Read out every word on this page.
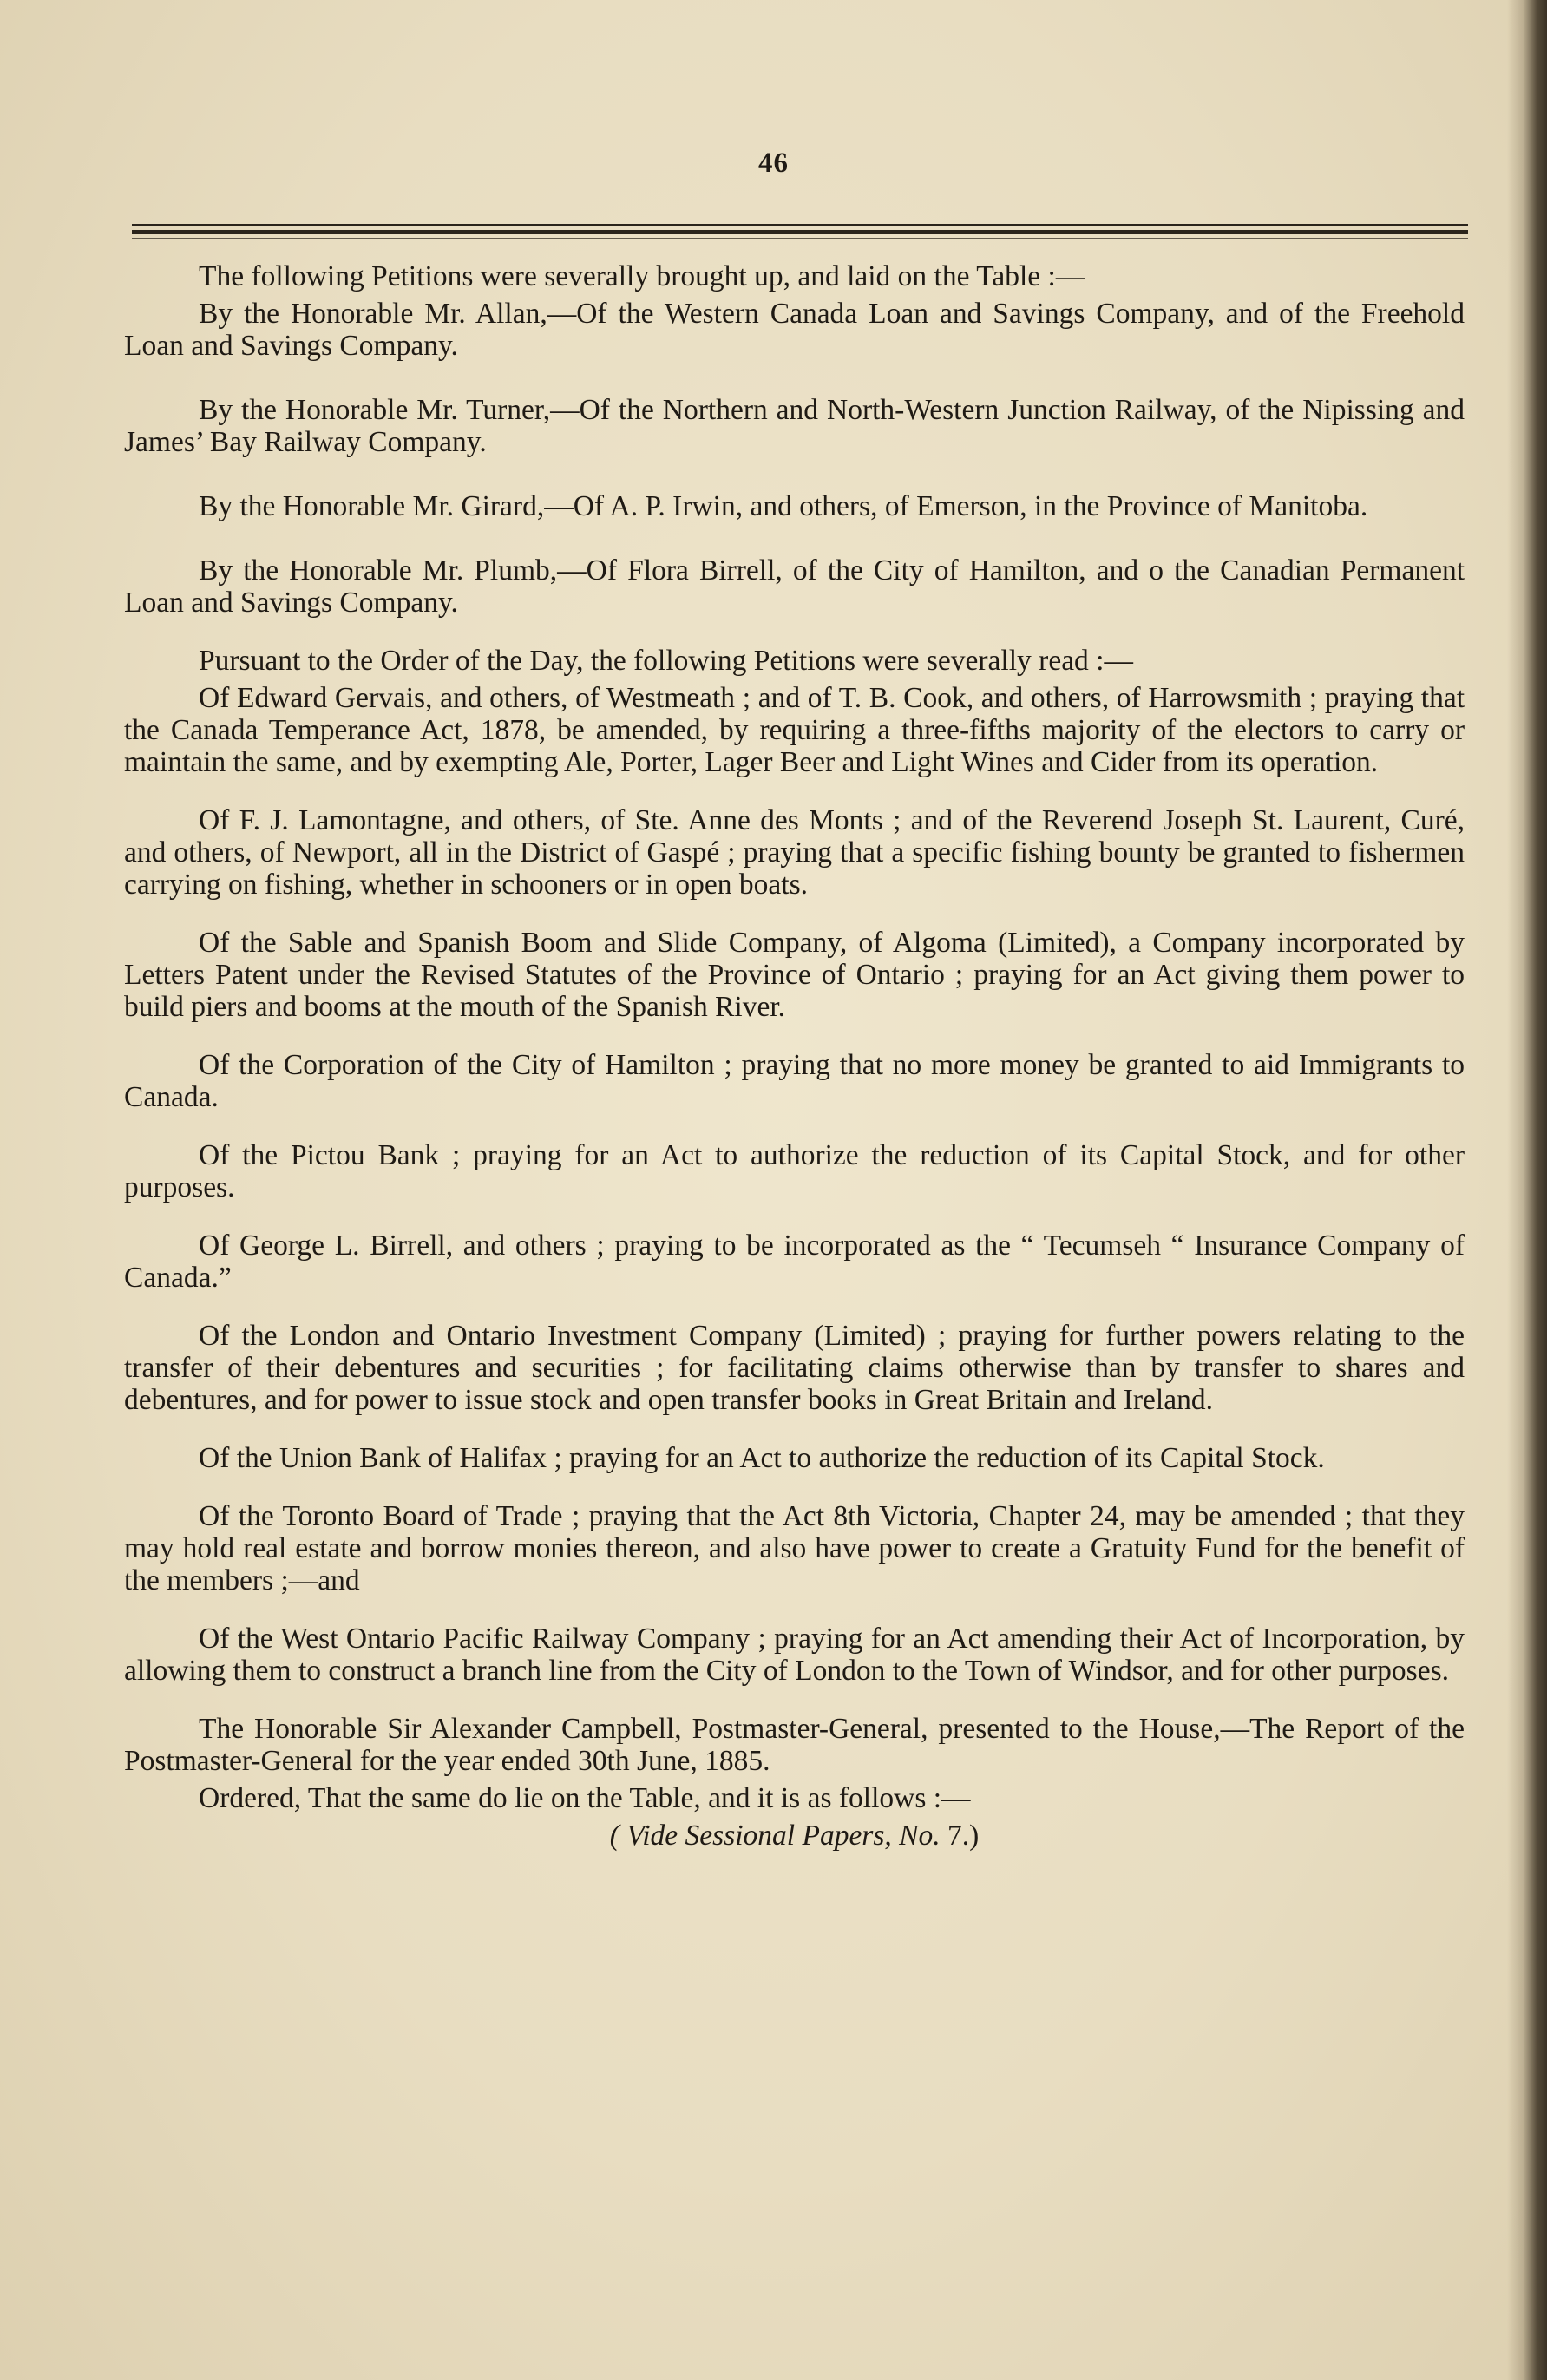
46

The following Petitions were severally brought up, and laid on the Table :—

By the Honorable Mr. Allan,—Of the Western Canada Loan and Savings Company, and of the Freehold Loan and Savings Company.

By the Honorable Mr. Turner,—Of the Northern and North-Western Junction Railway, of the Nipissing and James’ Bay Railway Company.

By the Honorable Mr. Girard,—Of A. P. Irwin, and others, of Emerson, in the Province of Manitoba.

By the Honorable Mr. Plumb,—Of Flora Birrell, of the City of Hamilton, and o the Canadian Permanent Loan and Savings Company.

Pursuant to the Order of the Day, the following Petitions were severally read :—

Of Edward Gervais, and others, of Westmeath ; and of T. B. Cook, and others, of Harrowsmith ; praying that the Canada Temperance Act, 1878, be amended, by requiring a three-fifths majority of the electors to carry or maintain the same, and by exempting Ale, Porter, Lager Beer and Light Wines and Cider from its operation.

Of F. J. Lamontagne, and others, of Ste. Anne des Monts ; and of the Reverend Joseph St. Laurent, Curé, and others, of Newport, all in the District of Gaspé ; praying that a specific fishing bounty be granted to fishermen carrying on fishing, whether in schooners or in open boats.

Of the Sable and Spanish Boom and Slide Company, of Algoma (Limited), a Company incorporated by Letters Patent under the Revised Statutes of the Province of Ontario ; praying for an Act giving them power to build piers and booms at the mouth of the Spanish River.

Of the Corporation of the City of Hamilton ; praying that no more money be granted to aid Immigrants to Canada.

Of the Pictou Bank ; praying for an Act to authorize the reduction of its Capital Stock, and for other purposes.

Of George L. Birrell, and others ; praying to be incorporated as the “ Tecumseh “ Insurance Company of Canada.”

Of the London and Ontario Investment Company (Limited) ; praying for further powers relating to the transfer of their debentures and securities ; for facilitating claims otherwise than by transfer to shares and debentures, and for power to issue stock and open transfer books in Great Britain and Ireland.

Of the Union Bank of Halifax ; praying for an Act to authorize the reduction of its Capital Stock.

Of the Toronto Board of Trade ; praying that the Act 8th Victoria, Chapter 24, may be amended ; that they may hold real estate and borrow monies thereon, and also have power to create a Gratuity Fund for the benefit of the members ;—and

Of the West Ontario Pacific Railway Company ; praying for an Act amending their Act of Incorporation, by allowing them to construct a branch line from the City of London to the Town of Windsor, and for other purposes.

The Honorable Sir Alexander Campbell, Postmaster-General, presented to the House,—The Report of the Postmaster-General for the year ended 30th June, 1885.

Ordered, That the same do lie on the Table, and it is as follows :—

( Vide Sessional Papers, No. 7.)
